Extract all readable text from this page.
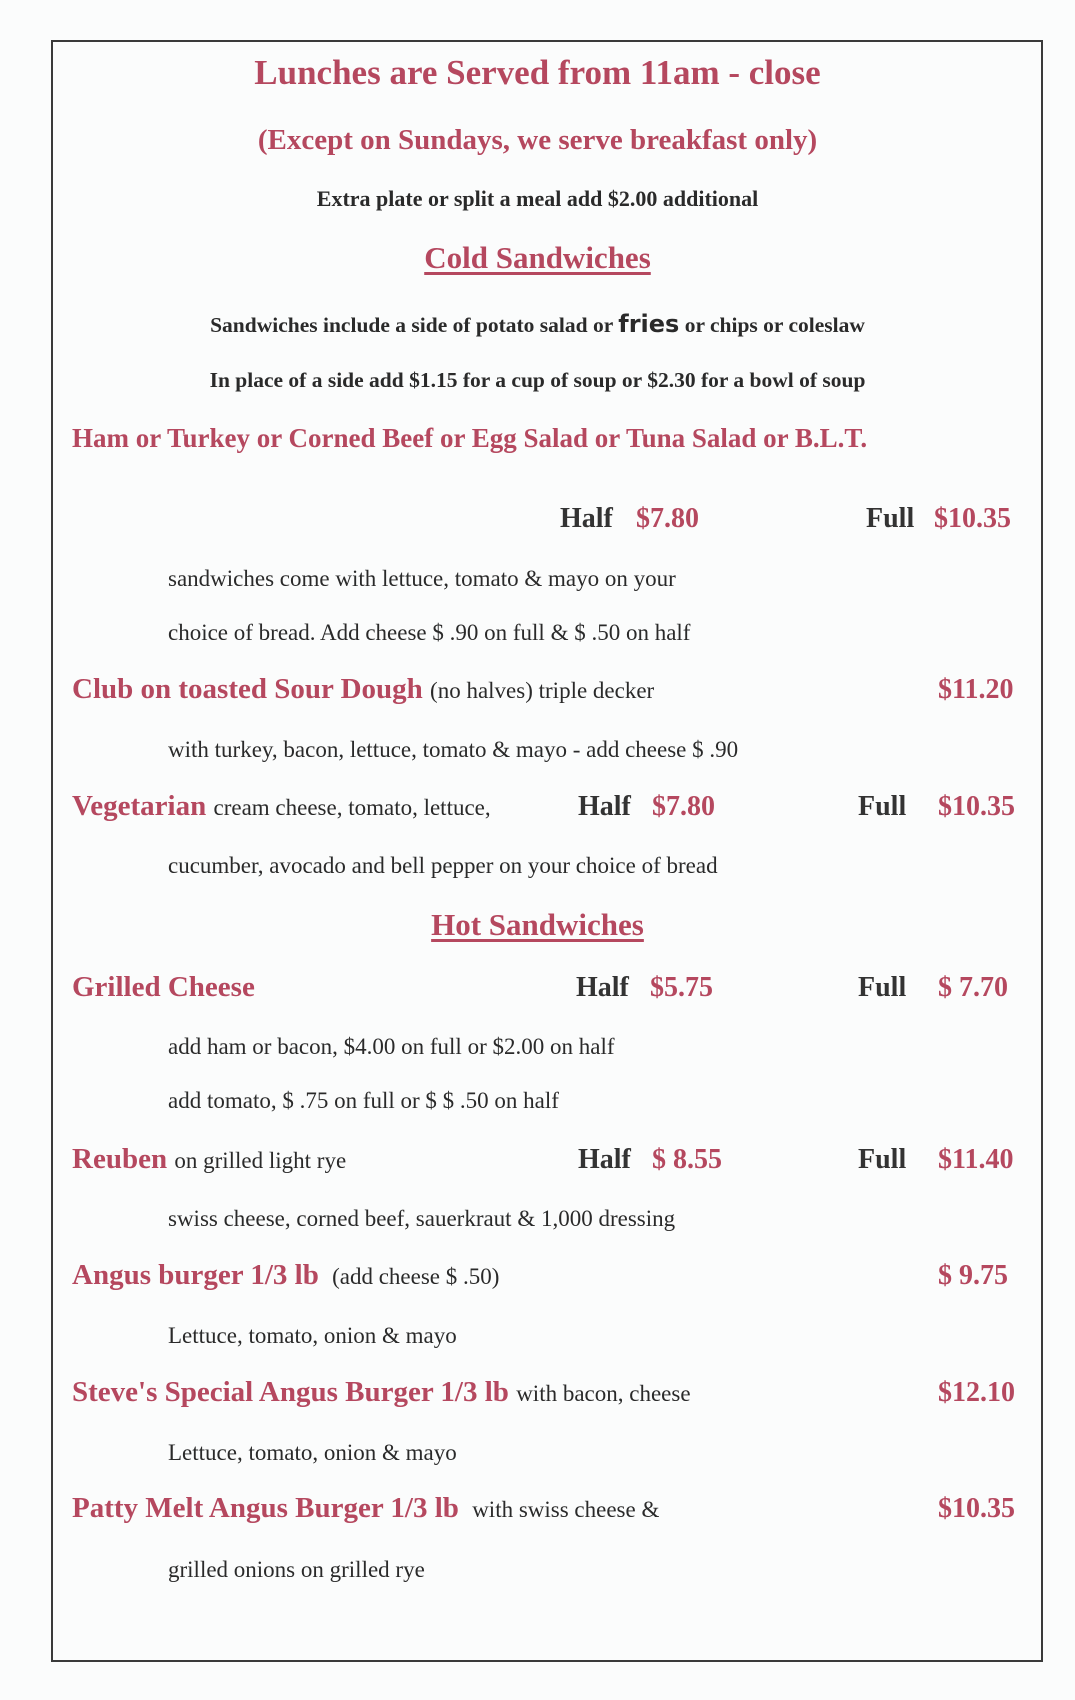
Lunches are Served from 11am - close
(Except on Sundays, we serve breakfast only)
Extra plate or split a meal add $2.00 additional
Cold Sandwiches
Sandwiches include a side of potato salad or fries or chips or coleslaw
In place of a side add $1.15 for a cup of soup or $2.30 for a bowl of soup
Ham or Turkey or Corned Beef or Egg Salad or Tuna Salad or B.L.T.
Half $7.80	Full $10.35
sandwiches come with lettuce, tomato & mayo on your
choice of bread. Add cheese $ .90 on full & $ .50 on half
Club on toasted Sour Dough (no halves) triple decker	$11.20
with turkey, bacon, lettuce, tomato & mayo - add cheese $ .90
Vegetarian cream cheese, tomato, lettuce,	Half $7.80	Full $10.35
cucumber, avocado and bell pepper on your choice of bread
Hot Sandwiches
Grilled Cheese	Half $5.75	Full $ 7.70
add ham or bacon, $4.00 on full or $2.00 on half
add tomato, $ .75 on full or $ $ .50 on half
Reuben on grilled light rye	Half $ 8.55	Full $11.40
swiss cheese, corned beef, sauerkraut & 1,000 dressing
Angus burger 1/3 lb (add cheese $ .50)	$ 9.75
Lettuce, tomato, onion & mayo
Steve's Special Angus Burger 1/3 lb with bacon, cheese	$12.10
Lettuce, tomato, onion & mayo
Patty Melt Angus Burger 1/3 lb with swiss cheese &	$10.35
grilled onions on grilled rye
